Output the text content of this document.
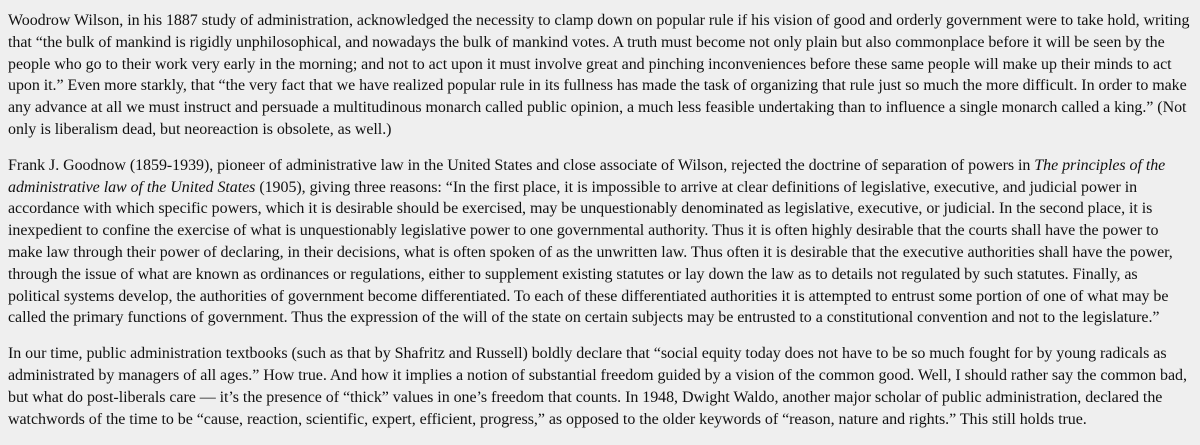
Woodrow Wilson, in his 1887 study of administration, acknowledged the necessity to clamp down on popular rule if his vision of good and orderly government were to take hold, writing that “the bulk of mankind is rigidly unphilosophical, and nowadays the bulk of mankind votes. A truth must become not only plain but also commonplace before it will be seen by the people who go to their work very early in the morning; and not to act upon it must involve great and pinching inconveniences before these same people will make up their minds to act upon it.” Even more starkly, that “the very fact that we have realized popular rule in its fullness has made the task of organizing that rule just so much the more difficult. In order to make any advance at all we must instruct and persuade a multitudinous monarch called public opinion, a much less feasible undertaking than to influence a single monarch called a king.” (Not only is liberalism dead, but neoreaction is obsolete, as well.)

Frank J. Goodnow (1859-1939), pioneer of administrative law in the United States and close associate of Wilson, rejected the doctrine of separation of powers in The principles of the administrative law of the United States (1905), giving three reasons: “In the first place, it is impossible to arrive at clear definitions of legislative, executive, and judicial power in accordance with which specific powers, which it is desirable should be exercised, may be unquestionably denominated as legislative, executive, or judicial. In the second place, it is inexpedient to confine the exercise of what is unquestionably legislative power to one governmental authority. Thus it is often highly desirable that the courts shall have the power to make law through their power of declaring, in their decisions, what is often spoken of as the unwritten law. Thus often it is desirable that the executive authorities shall have the power, through the issue of what are known as ordinances or regulations, either to supplement existing statutes or lay down the law as to details not regulated by such statutes. Finally, as political systems develop, the authorities of government become differentiated. To each of these differentiated authorities it is attempted to entrust some portion of one of what may be called the primary functions of government. Thus the expression of the will of the state on certain subjects may be entrusted to a constitutional convention and not to the legislature.”

In our time, public administration textbooks (such as that by Shafritz and Russell) boldly declare that “social equity today does not have to be so much fought for by young radicals as administrated by managers of all ages.” How true. And how it implies a notion of substantial freedom guided by a vision of the common good. Well, I should rather say the common bad, but what do post-liberals care — it’s the presence of “thick” values in one’s freedom that counts. In 1948, Dwight Waldo, another major scholar of public administration, declared the watchwords of the time to be “cause, reaction, scientific, expert, efficient, progress,” as opposed to the older keywords of “reason, nature and rights.” This still holds true.
